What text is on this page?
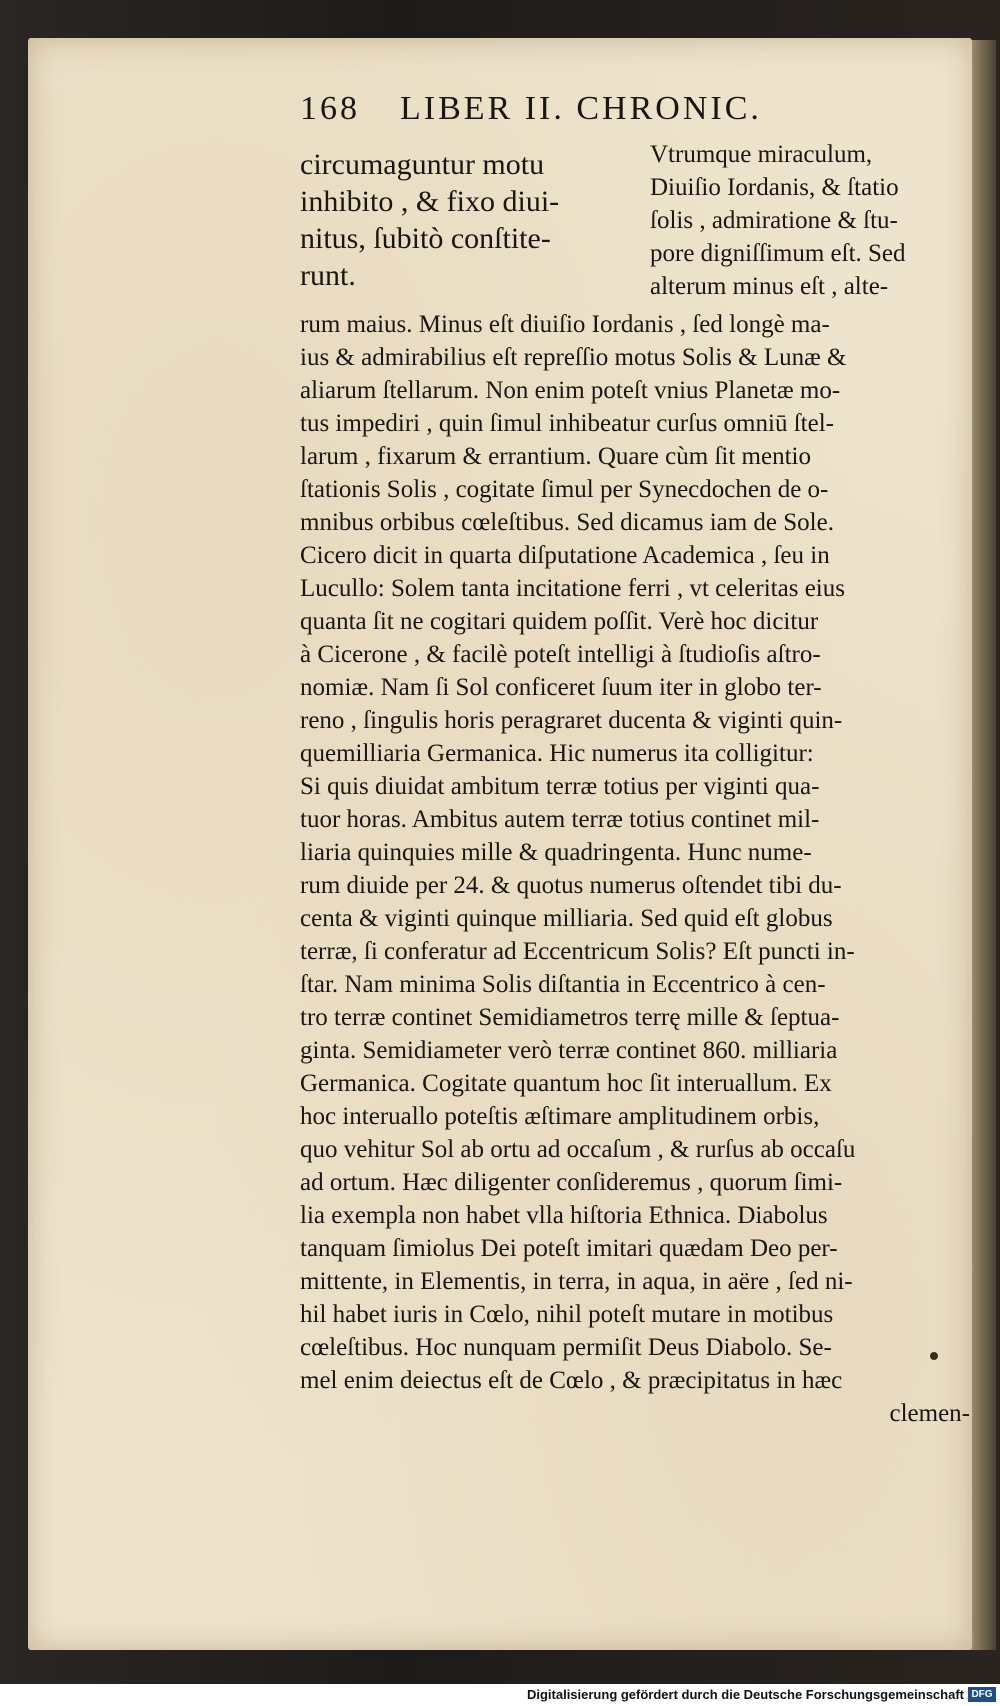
168 LIBER II. CHRONIC.
circumaguntur motu
inhibito , & fixo diui-
nitus, ſubitò conſtite-
runt.
Vtrumque miraculum,
Diuiſio Iordanis, & ſtatio
ſolis , admiratione & ſtu-
pore digniſſimum eſt. Sed
alterum minus eſt , alte-
rum maius. Minus eſt diuiſio Iordanis , ſed longè ma-
ius & admirabilius eſt repreſſio motus Solis & Lunæ &
aliarum ſtellarum. Non enim poteſt vnius Planetæ mo-
tus impediri , quin ſimul inhibeatur curſus omniū ſtel-
larum , fixarum & errantium. Quare cùm ſit mentio
ſtationis Solis , cogitate ſimul per Synecdochen de o-
mnibus orbibus cœleſtibus. Sed dicamus iam de Sole.
Cicero dicit in quarta diſputatione Academica , ſeu in
Lucullo: Solem tanta incitatione ferri , vt celeritas eius
quanta ſit ne cogitari quidem poſſit. Verè hoc dicitur
à Cicerone , & facilè poteſt intelligi à ſtudioſis aſtro-
nomiæ. Nam ſi Sol conficeret ſuum iter in globo ter-
reno , ſingulis horis peragraret ducenta & viginti quin-
quemilliaria Germanica. Hic numerus ita colligitur:
Si quis diuidat ambitum terræ totius per viginti qua-
tuor horas. Ambitus autem terræ totius continet mil-
liaria quinquies mille & quadringenta. Hunc nume-
rum diuide per 24. & quotus numerus oſtendet tibi du-
centa & viginti quinque milliaria. Sed quid eſt globus
terræ, ſi conferatur ad Eccentricum Solis? Eſt puncti in-
ſtar. Nam minima Solis diſtantia in Eccentrico à cen-
tro terræ continet Semidiametros terrę mille & ſeptua-
ginta. Semidiameter verò terræ continet 860. milliaria
Germanica. Cogitate quantum hoc ſit interuallum. Ex
hoc interuallo poteſtis æſtimare amplitudinem orbis,
quo vehitur Sol ab ortu ad occaſum , & rurſus ab occaſu
ad ortum. Hæc diligenter conſideremus , quorum ſimi-
lia exempla non habet vlla hiſtoria Ethnica. Diabolus
tanquam ſimiolus Dei poteſt imitari quædam Deo per-
mittente, in Elementis, in terra, in aqua, in aëre , ſed ni-
hil habet iuris in Cœlo, nihil poteſt mutare in motibus
cœleſtibus. Hoc nunquam permiſit Deus Diabolo. Se-
mel enim deiectus eſt de Cœlo , & præcipitatus in hæc
clemen-
Digitalisierung gefördert durch die Deutsche Forschungsgemeinschaft DFG
